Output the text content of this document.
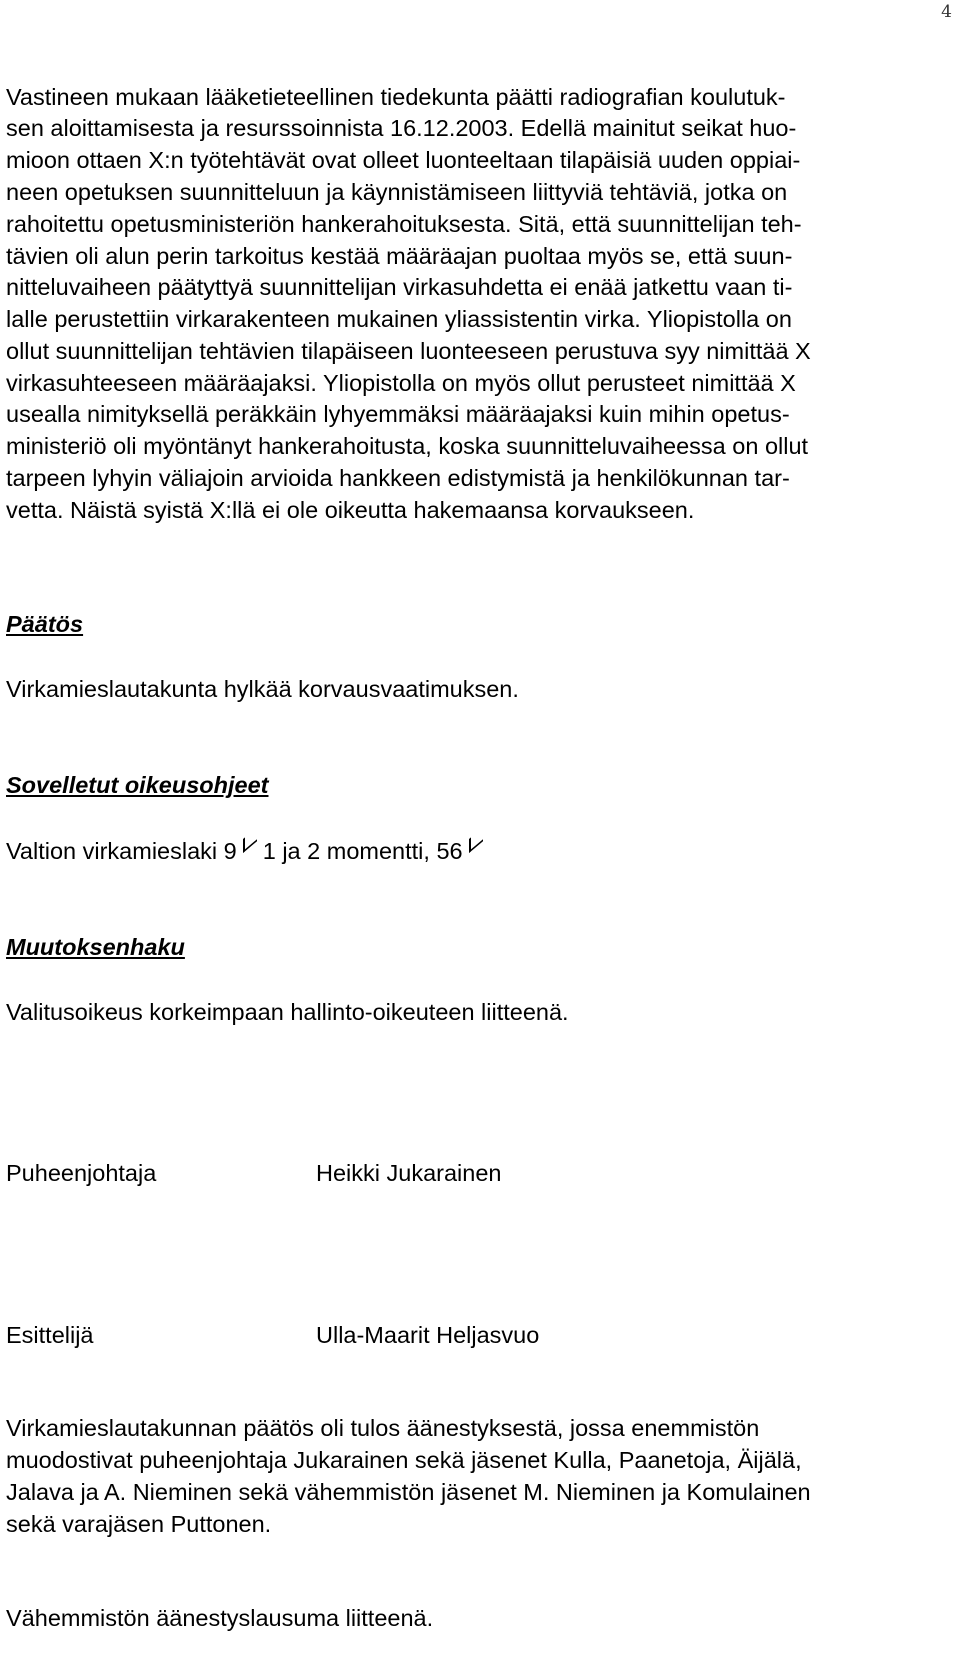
4
Vastineen mukaan lääketieteellinen tiedekunta päätti radiografian koulutuk-
sen aloittamisesta ja resurssoinnista 16.12.2003. Edellä mainitut seikat huo-
mioon ottaen X:n työtehtävät ovat olleet luonteeltaan tilapäisiä uuden oppiai-
neen opetuksen suunnitteluun ja käynnistämiseen liittyviä tehtäviä, jotka on
rahoitettu opetusministeriön hankerahoituksesta. Sitä, että suunnittelijan teh-
tävien oli alun perin tarkoitus kestää määräajan puoltaa myös se, että suun-
nitteluvaiheen päätyttyä suunnittelijan virkasuhdetta ei enää jatkettu vaan ti-
lalle perustettiin virkarakenteen mukainen yliassistentin virka. Yliopistolla on
ollut suunnittelijan tehtävien tilapäiseen luonteeseen perustuva syy nimittää X
virkasuhteeseen määräajaksi. Yliopistolla on myös ollut perusteet nimittää X
usealla nimityksellä peräkkäin lyhyemmäksi määräajaksi kuin mihin opetus-
ministeriö oli myöntänyt hankerahoitusta, koska suunnitteluvaiheessa on ollut
tarpeen lyhyin väliajoin arvioida hankkeen edistymistä ja henkilökunnan tar-
vetta. Näistä syistä X:llä ei ole oikeutta hakemaansa korvaukseen.
Päätös
Virkamieslautakunta hylkää korvausvaatimuksen.
Sovelletut oikeusohjeet
Valtion virkamieslaki 9 1 ja 2 momentti, 56
Muutoksenhaku
Valitusoikeus korkeimpaan hallinto-oikeuteen liitteenä.
Puheenjohtaja	Heikki Jukarainen
Esittelijä	Ulla-Maarit Heljasvuo
Virkamieslautakunnan päätös oli tulos äänestyksestä, jossa enemmistön
muodostivat puheenjohtaja Jukarainen sekä jäsenet Kulla, Paanetoja, Äijälä,
Jalava ja A. Nieminen sekä vähemmistön jäsenet M. Nieminen ja Komulainen
sekä varajäsen Puttonen.
Vähemmistön äänestyslausuma liitteenä.
